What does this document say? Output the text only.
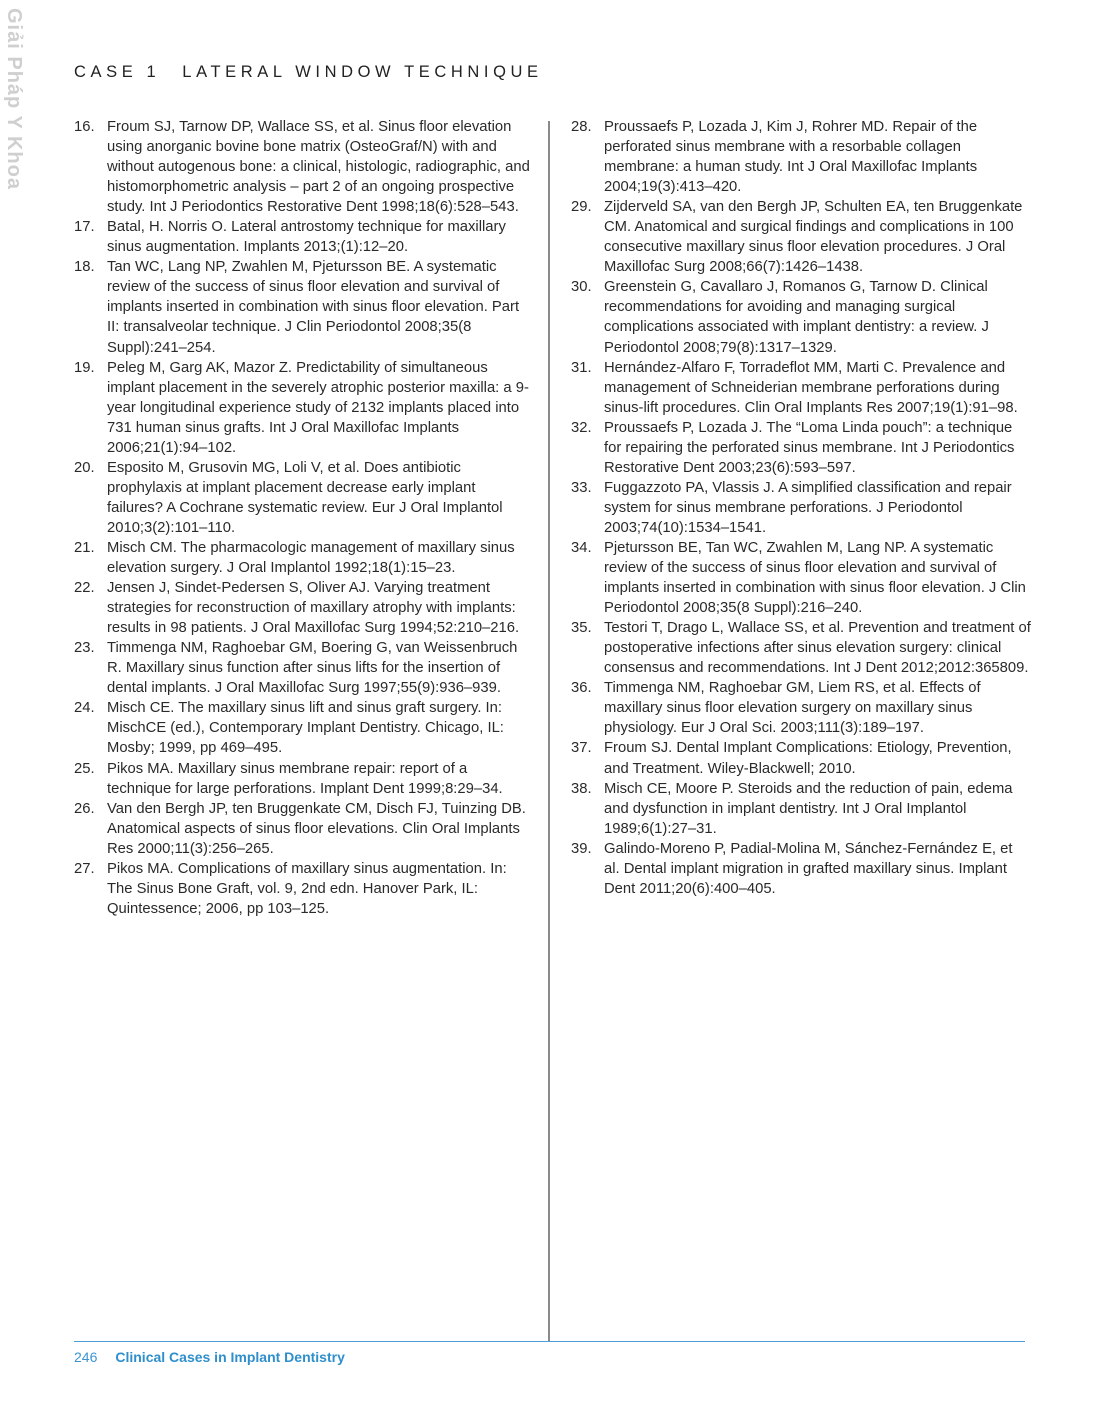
Giải Pháp Y Khoa	CASE 1 LATERAL WINDOW TECHNIQUE
16. Froum SJ, Tarnow DP, Wallace SS, et al. Sinus floor elevation using anorganic bovine bone matrix (OsteoGraf/N) with and without autogenous bone: a clinical, histologic, radiographic, and histomorphometric analysis – part 2 of an ongoing prospective study. Int J Periodontics Restorative Dent 1998;18(6):528–543.
17. Batal, H. Norris O. Lateral antrostomy technique for maxillary sinus augmentation. Implants 2013;(1):12–20.
18. Tan WC, Lang NP, Zwahlen M, Pjetursson BE. A systematic review of the success of sinus floor elevation and survival of implants inserted in combination with sinus floor elevation. Part II: transalveolar technique. J Clin Periodontol 2008;35(8 Suppl):241–254.
19. Peleg M, Garg AK, Mazor Z. Predictability of simultaneous implant placement in the severely atrophic posterior maxilla: a 9-year longitudinal experience study of 2132 implants placed into 731 human sinus grafts. Int J Oral Maxillofac Implants 2006;21(1):94–102.
20. Esposito M, Grusovin MG, Loli V, et al. Does antibiotic prophylaxis at implant placement decrease early implant failures? A Cochrane systematic review. Eur J Oral Implantol 2010;3(2):101–110.
21. Misch CM. The pharmacologic management of maxillary sinus elevation surgery. J Oral Implantol 1992;18(1):15–23.
22. Jensen J, Sindet-Pedersen S, Oliver AJ. Varying treatment strategies for reconstruction of maxillary atrophy with implants: results in 98 patients. J Oral Maxillofac Surg 1994;52:210–216.
23. Timmenga NM, Raghoebar GM, Boering G, van Weissenbruch R. Maxillary sinus function after sinus lifts for the insertion of dental implants. J Oral Maxillofac Surg 1997;55(9):936–939.
24. Misch CE. The maxillary sinus lift and sinus graft surgery. In: MischCE (ed.), Contemporary Implant Dentistry. Chicago, IL: Mosby; 1999, pp 469–495.
25. Pikos MA. Maxillary sinus membrane repair: report of a technique for large perforations. Implant Dent 1999;8:29–34.
26. Van den Bergh JP, ten Bruggenkate CM, Disch FJ, Tuinzing DB. Anatomical aspects of sinus floor elevations. Clin Oral Implants Res 2000;11(3):256–265.
27. Pikos MA. Complications of maxillary sinus augmentation. In: The Sinus Bone Graft, vol. 9, 2nd edn. Hanover Park, IL: Quintessence; 2006, pp 103–125.
28. Proussaefs P, Lozada J, Kim J, Rohrer MD. Repair of the perforated sinus membrane with a resorbable collagen membrane: a human study. Int J Oral Maxillofac Implants 2004;19(3):413–420.
29. Zijderveld SA, van den Bergh JP, Schulten EA, ten Bruggenkate CM. Anatomical and surgical findings and complications in 100 consecutive maxillary sinus floor elevation procedures. J Oral Maxillofac Surg 2008;66(7):1426–1438.
30. Greenstein G, Cavallaro J, Romanos G, Tarnow D. Clinical recommendations for avoiding and managing surgical complications associated with implant dentistry: a review. J Periodontol 2008;79(8):1317–1329.
31. Hernández-Alfaro F, Torradeflot MM, Marti C. Prevalence and management of Schneiderian membrane perforations during sinus-lift procedures. Clin Oral Implants Res 2007;19(1):91–98.
32. Proussaefs P, Lozada J. The “Loma Linda pouch”: a technique for repairing the perforated sinus membrane. Int J Periodontics Restorative Dent 2003;23(6):593–597.
33. Fuggazzoto PA, Vlassis J. A simplified classification and repair system for sinus membrane perforations. J Periodontol 2003;74(10):1534–1541.
34. Pjetursson BE, Tan WC, Zwahlen M, Lang NP. A systematic review of the success of sinus floor elevation and survival of implants inserted in combination with sinus floor elevation. J Clin Periodontol 2008;35(8 Suppl):216–240.
35. Testori T, Drago L, Wallace SS, et al. Prevention and treatment of postoperative infections after sinus elevation surgery: clinical consensus and recommendations. Int J Dent 2012;2012:365809.
36. Timmenga NM, Raghoebar GM, Liem RS, et al. Effects of maxillary sinus floor elevation surgery on maxillary sinus physiology. Eur J Oral Sci. 2003;111(3):189–197.
37. Froum SJ. Dental Implant Complications: Etiology, Prevention, and Treatment. Wiley-Blackwell; 2010.
38. Misch CE, Moore P. Steroids and the reduction of pain, edema and dysfunction in implant dentistry. Int J Oral Implantol 1989;6(1):27–31.
39. Galindo-Moreno P, Padial-Molina M, Sánchez-Fernández E, et al. Dental implant migration in grafted maxillary sinus. Implant Dent 2011;20(6):400–405.
246 Clinical Cases in Implant Dentistry
